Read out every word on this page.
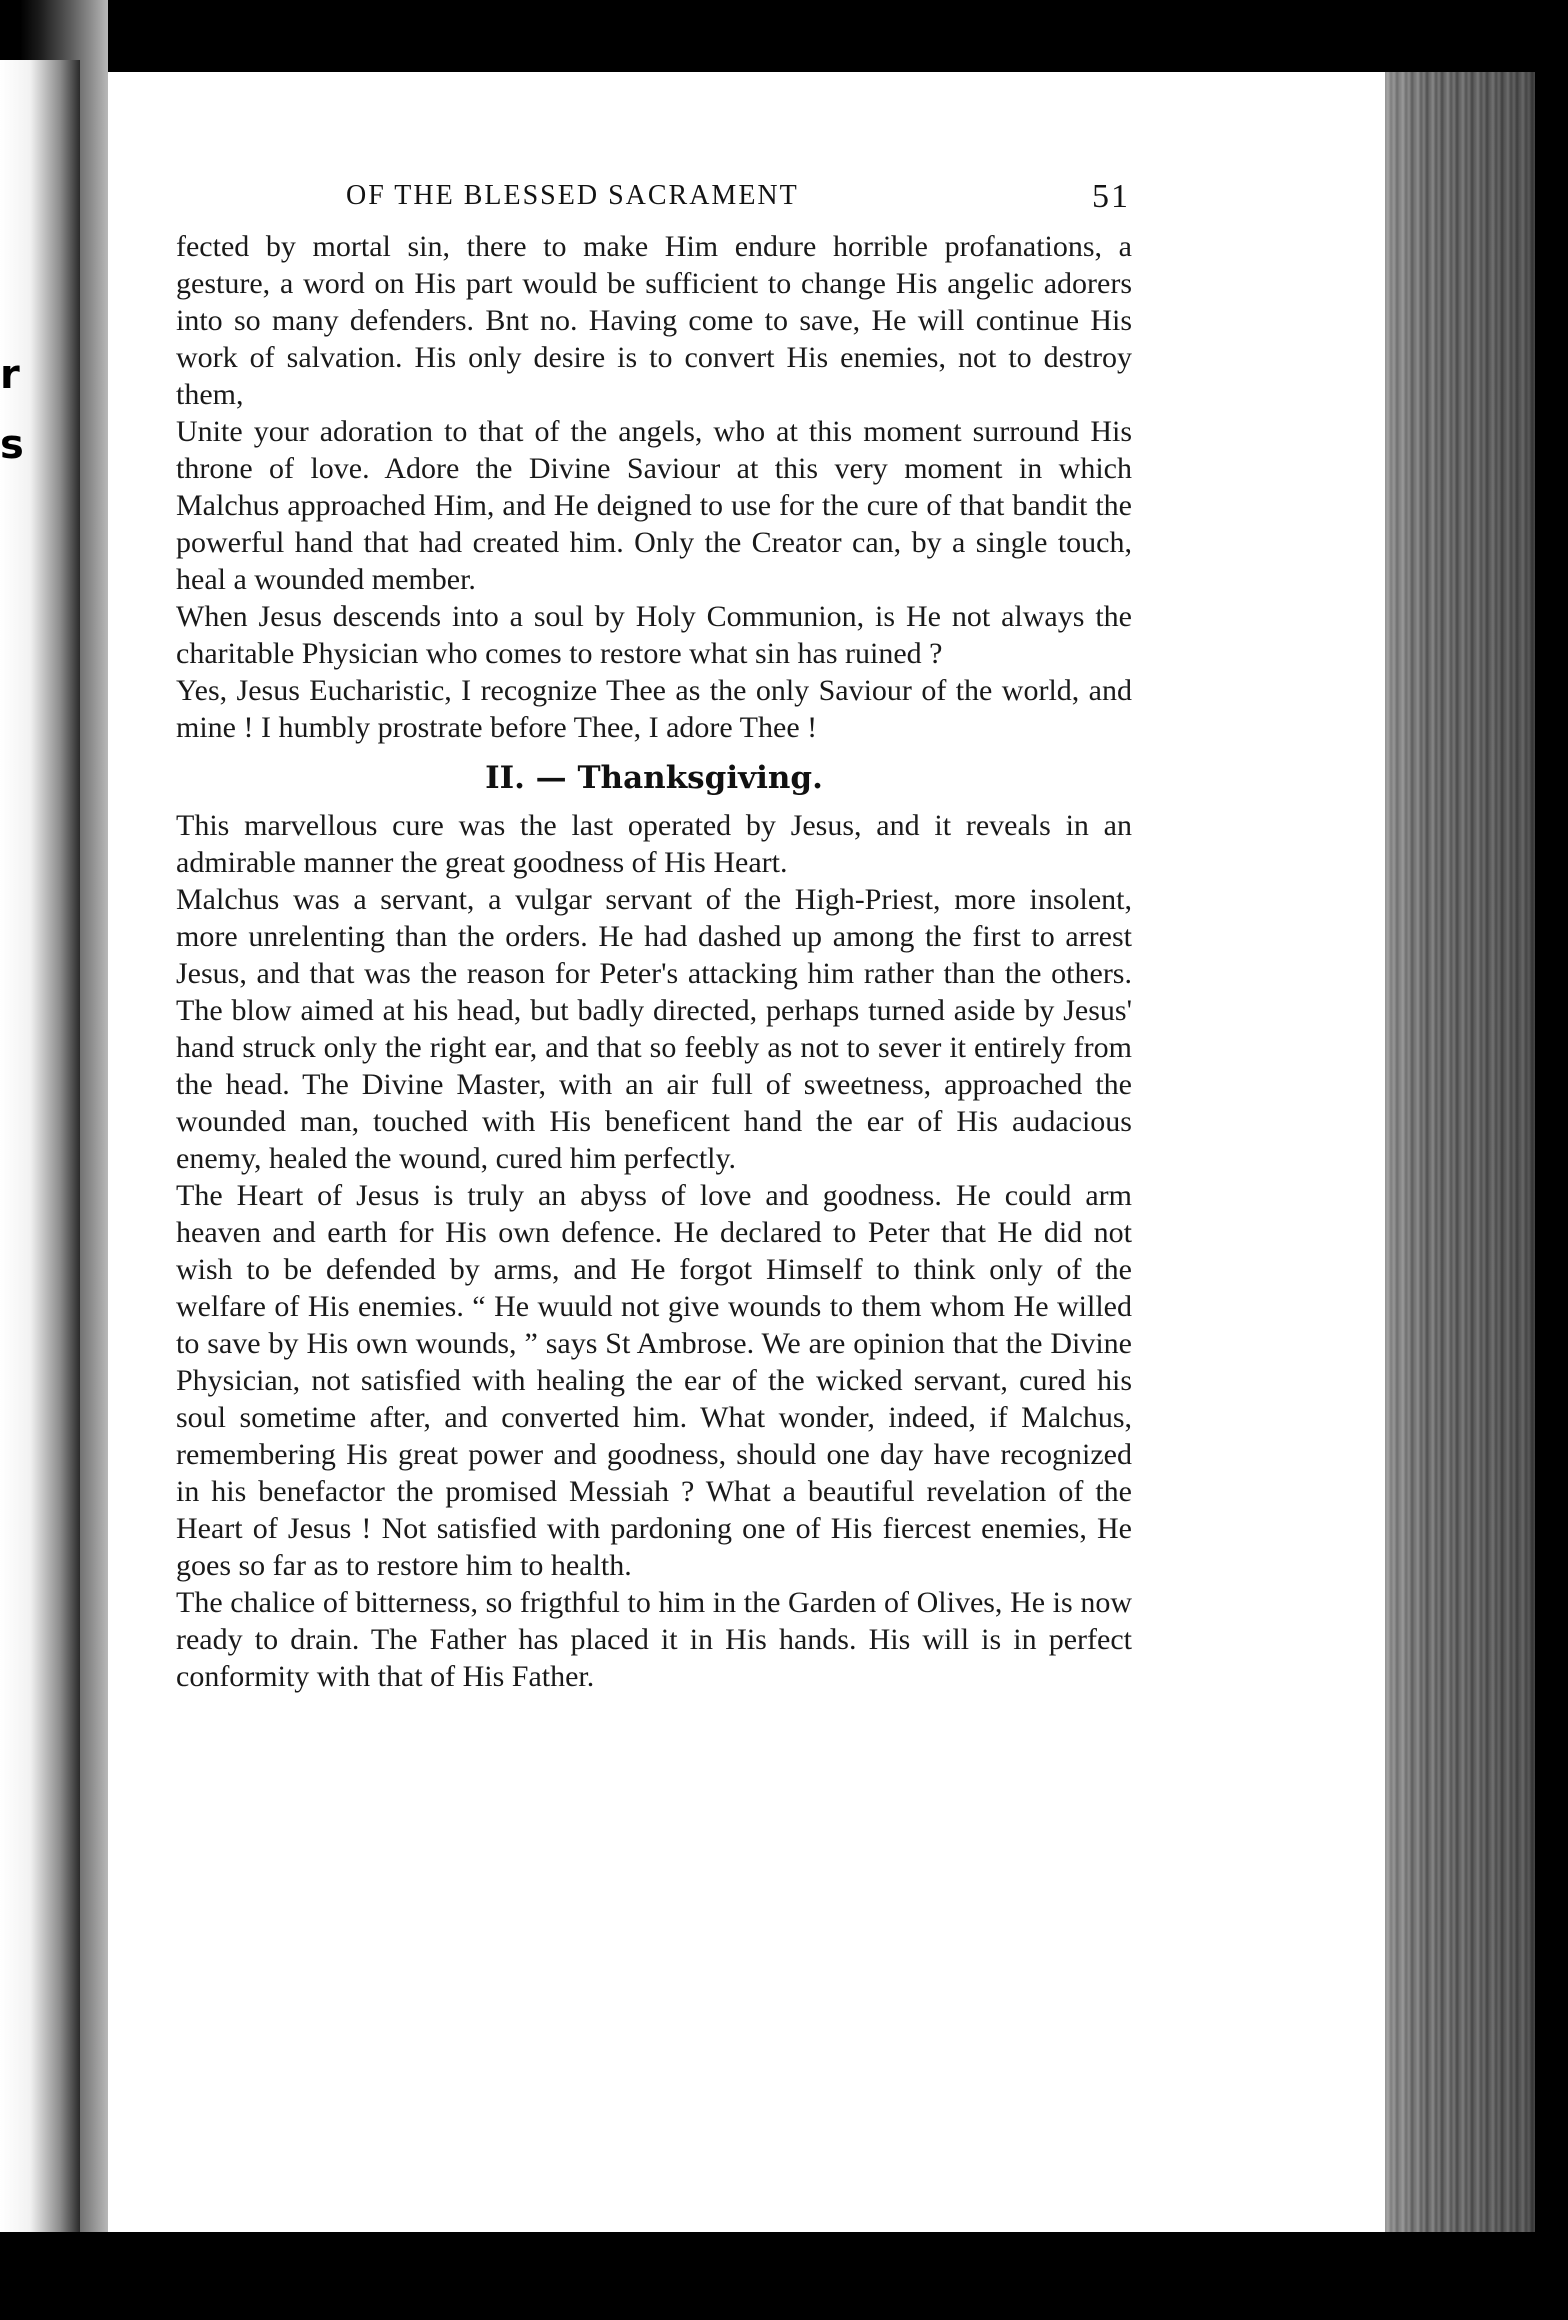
r
s
OF THE BLESSED SACRAMENT	51

fected by mortal sin, there to make Him endure horrible profanations, a gesture, a word on His part would be sufficient to change His angelic adorers into so many defenders. Bnt no. Having come to save, He will continue His work of salvation. His only desire is to convert His enemies, not to destroy them,

Unite your adoration to that of the angels, who at this moment surround His throne of love. Adore the Divine Saviour at this very moment in which Malchus approached Him, and He deigned to use for the cure of that bandit the powerful hand that had created him. Only the Creator can, by a single touch, heal a wounded member.

When Jesus descends into a soul by Holy Communion, is He not always the charitable Physician who comes to restore what sin has ruined ?

Yes, Jesus Eucharistic, I recognize Thee as the only Saviour of the world, and mine ! I humbly prostrate before Thee, I adore Thee !

II. — Thanksgiving.

This marvellous cure was the last operated by Jesus, and it reveals in an admirable manner the great goodness of His Heart.

Malchus was a servant, a vulgar servant of the High-Priest, more insolent, more unrelenting than the orders. He had dashed up among the first to arrest Jesus, and that was the reason for Peter's attacking him rather than the others. The blow aimed at his head, but badly directed, perhaps turned aside by Jesus' hand struck only the right ear, and that so feebly as not to sever it entirely from the head. The Divine Master, with an air full of sweetness, approached the wounded man, touched with His beneficent hand the ear of His audacious enemy, healed the wound, cured him perfectly.

The Heart of Jesus is truly an abyss of love and goodness. He could arm heaven and earth for His own defence. He declared to Peter that He did not wish to be defended by arms, and He forgot Himself to think only of the welfare of His enemies. “ He wuuld not give wounds to them whom He willed to save by His own wounds, ” says St Ambrose. We are opinion that the Divine Physician, not satisfied with healing the ear of the wicked servant, cured his soul sometime after, and converted him. What wonder, indeed, if Malchus, remembering His great power and goodness, should one day have recognized in his benefactor the promised Messiah ? What a beautiful revelation of the Heart of Jesus ! Not satisfied with pardoning one of His fiercest enemies, He goes so far as to restore him to health.

The chalice of bitterness, so frigthful to him in the Garden of Olives, He is now ready to drain. The Father has placed it in His hands. His will is in perfect conformity with that of His Father.
